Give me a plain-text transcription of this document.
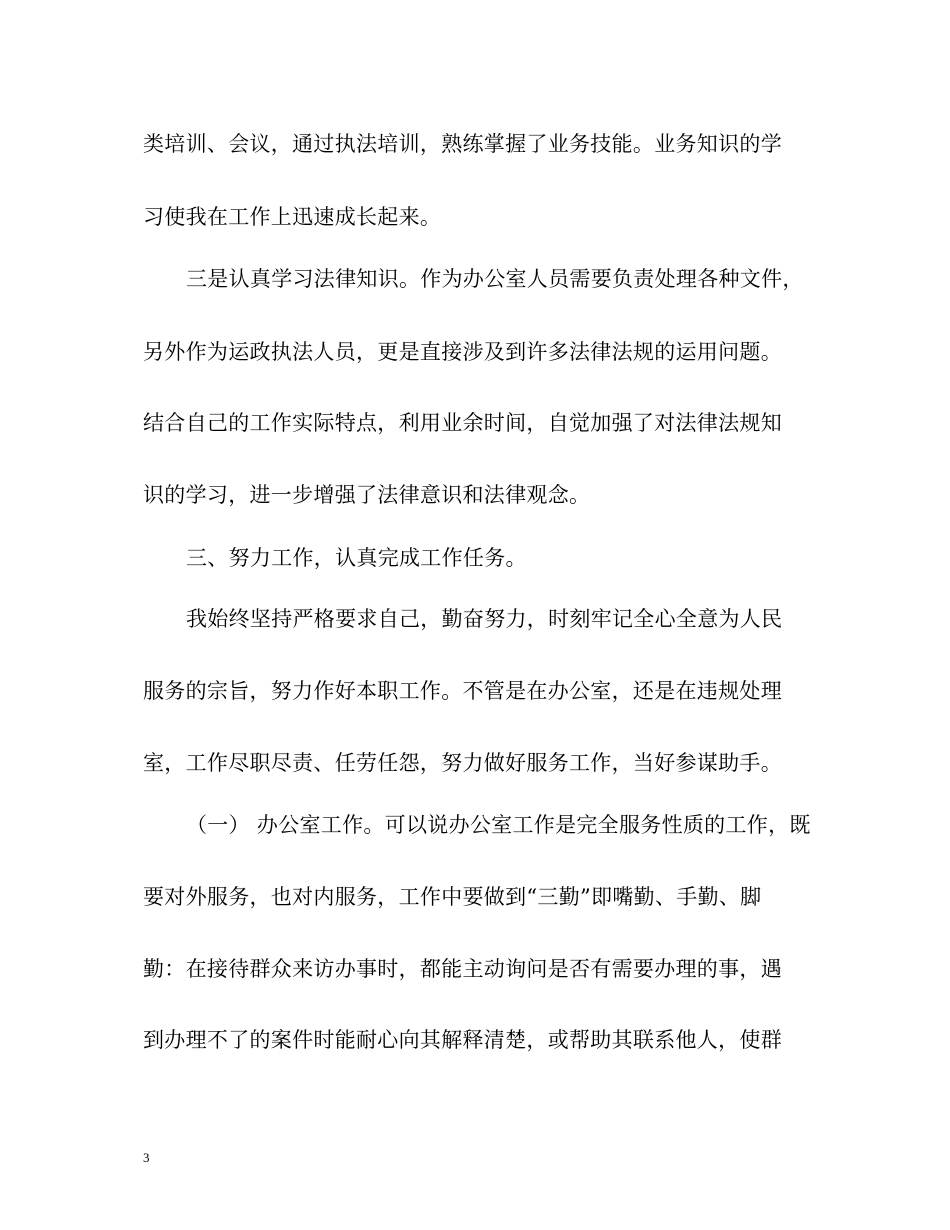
类培训、会议，通过执法培训，熟练掌握了业务技能。业务知识的学
习使我在工作上迅速成长起来。
三是认真学习法律知识。作为办公室人员需要负责处理各种文件，
另外作为运政执法人员，更是直接涉及到许多法律法规的运用问题。
结合自己的工作实际特点，利用业余时间，自觉加强了对法律法规知
识的学习，进一步增强了法律意识和法律观念。
三、努力工作，认真完成工作任务。
我始终坚持严格要求自己，勤奋努力，时刻牢记全心全意为人民
服务的宗旨，努力作好本职工作。不管是在办公室，还是在违规处理
室，工作尽职尽责、任劳任怨，努力做好服务工作，当好参谋助手。
（一） 办公室工作。可以说办公室工作是完全服务性质的工作，既
要对外服务，也对内服务，工作中要做到“三勤”即嘴勤、手勤、脚
勤：在接待群众来访办事时，都能主动询问是否有需要办理的事，遇
到办理不了的案件时能耐心向其解释清楚，或帮助其联系他人，使群
3
